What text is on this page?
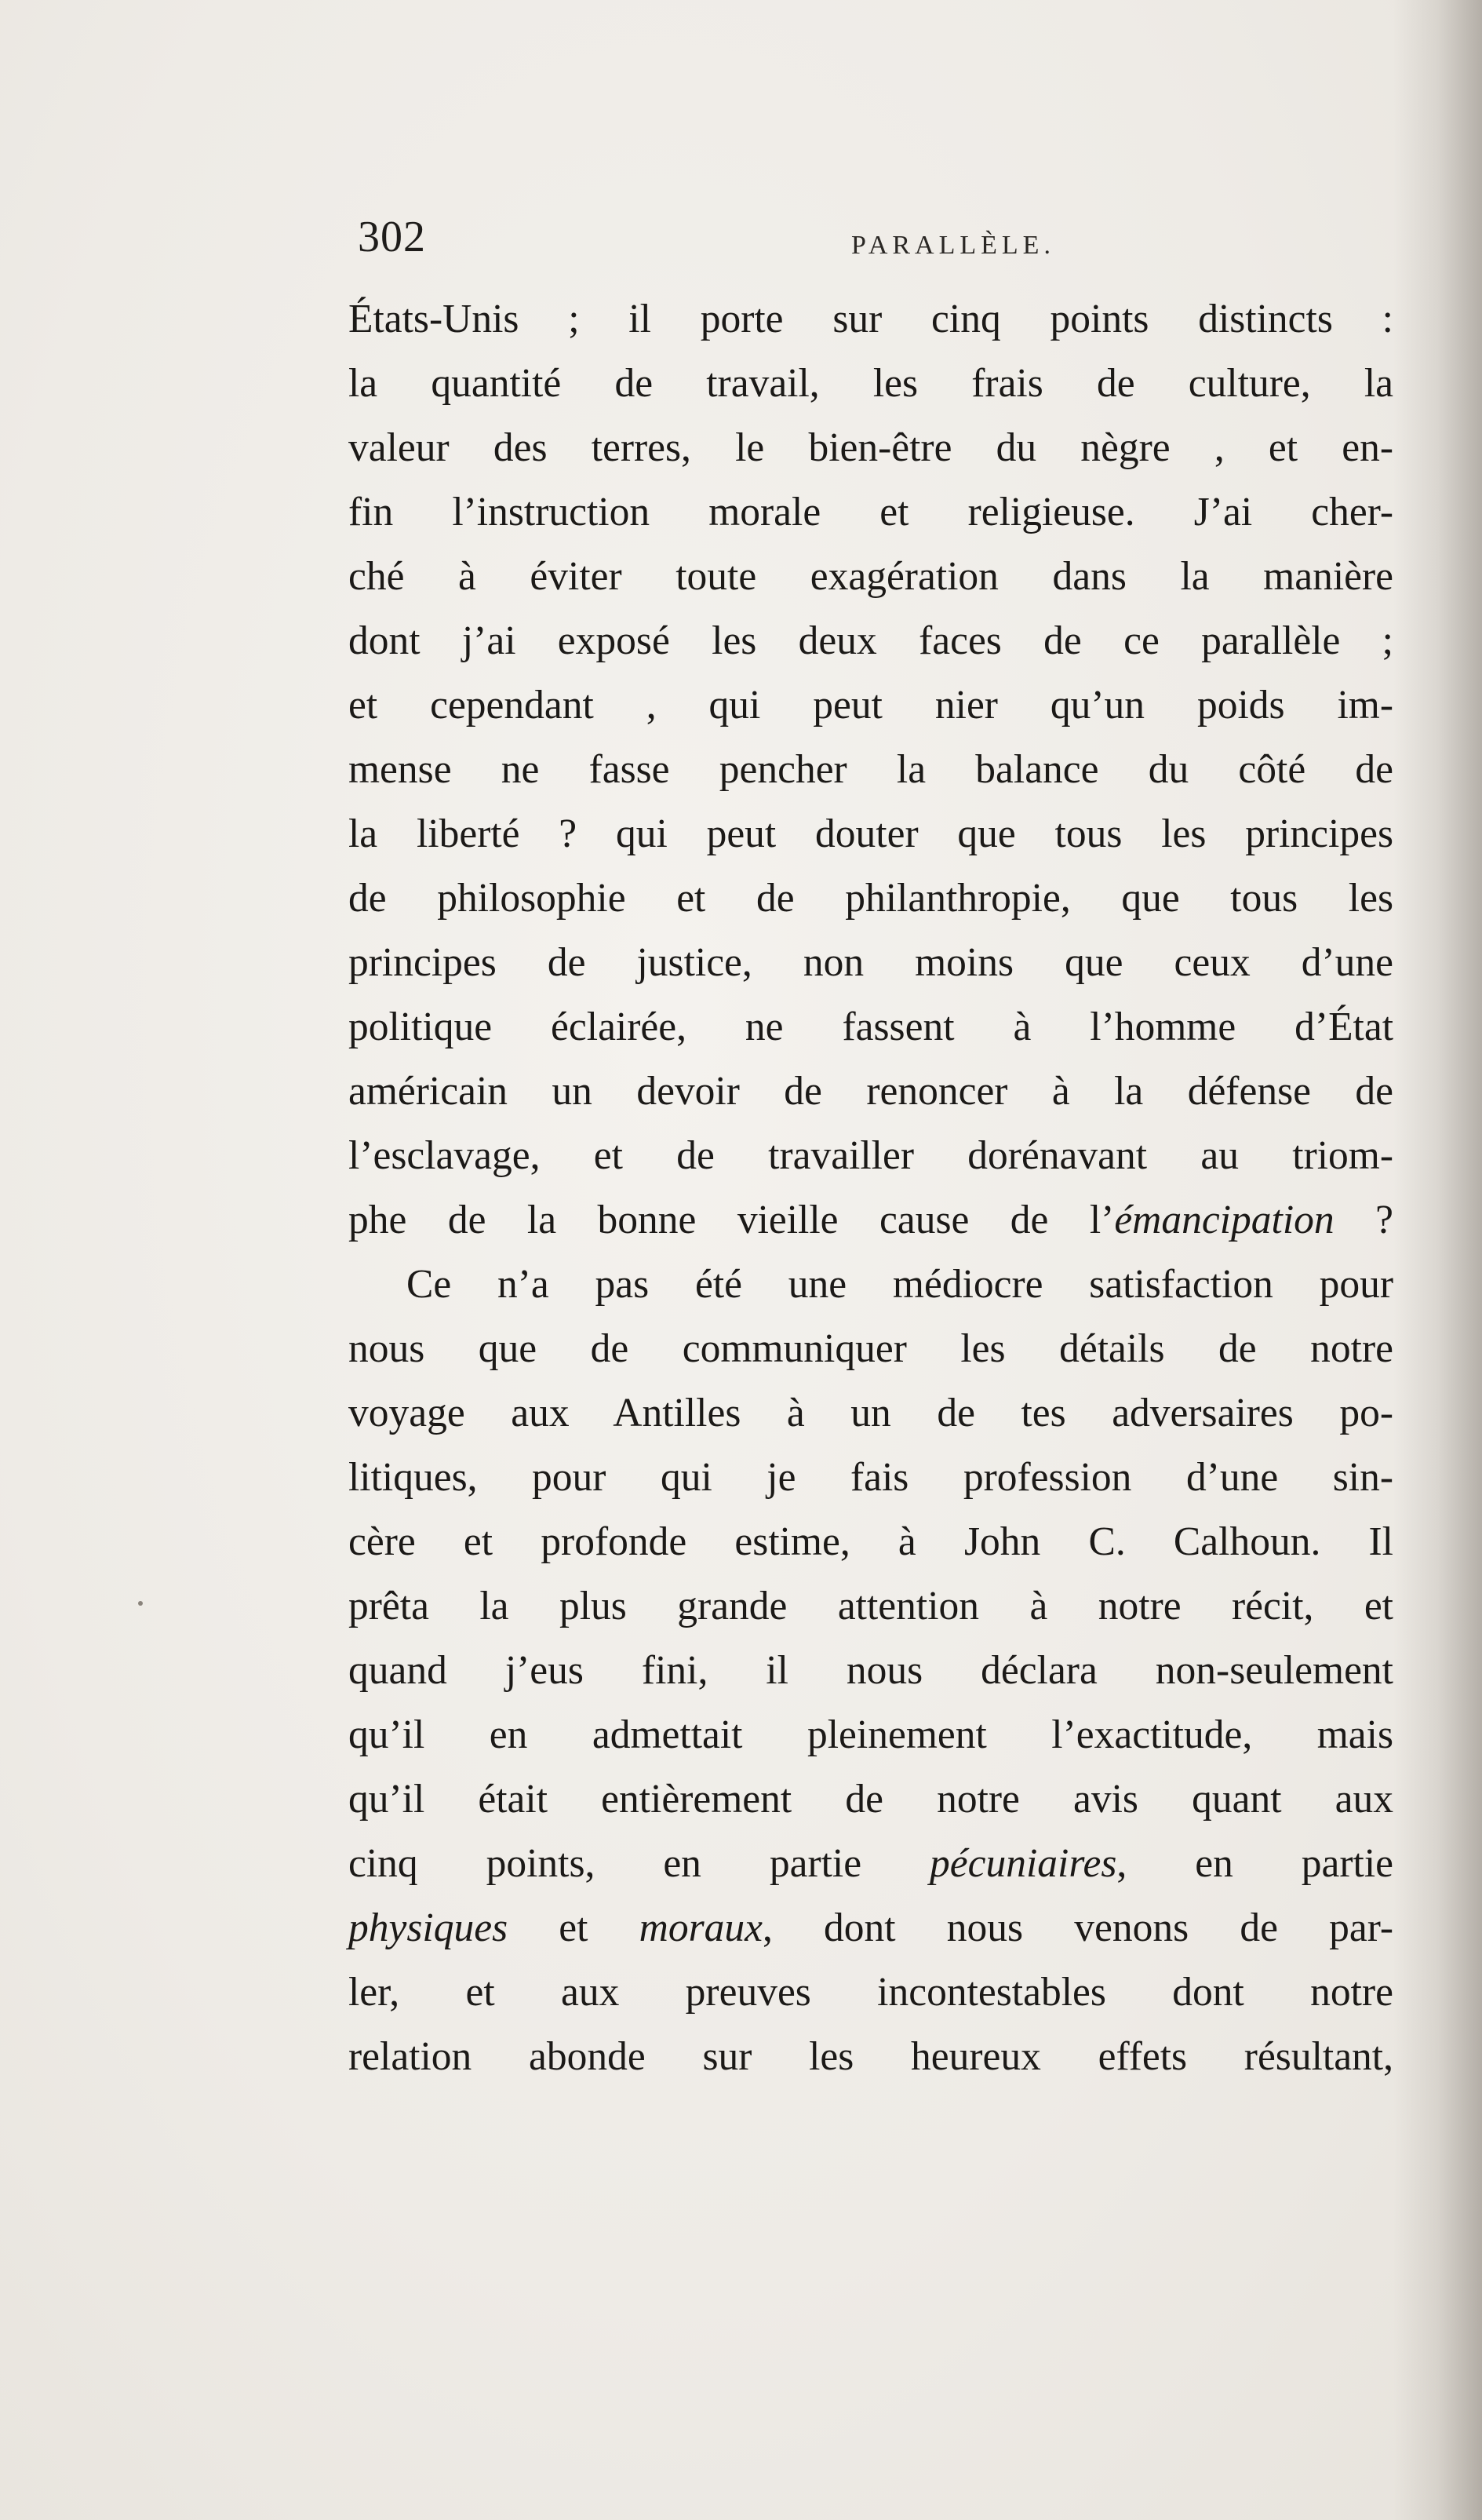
302	PARALLÈLE.
États-Unis ; il porte sur cinq points distincts :
la quantité de travail, les frais de culture, la
valeur des terres, le bien-être du nègre , et en-
fin l’instruction morale et religieuse. J’ai cher-
ché à éviter toute exagération dans la manière
dont j’ai exposé les deux faces de ce parallèle ;
et cependant , qui peut nier qu’un poids im-
mense ne fasse pencher la balance du côté de
la liberté ? qui peut douter que tous les principes
de philosophie et de philanthropie, que tous les
principes de justice, non moins que ceux d’une
politique éclairée, ne fassent à l’homme d’État
américain un devoir de renoncer à la défense de
l’esclavage, et de travailler dorénavant au triom-
phe de la bonne vieille cause de l’émancipation ?
Ce n’a pas été une médiocre satisfaction pour
nous que de communiquer les détails de notre
voyage aux Antilles à un de tes adversaires po-
litiques, pour qui je fais profession d’une sin-
cère et profonde estime, à John C. Calhoun. Il
prêta la plus grande attention à notre récit, et
quand j’eus fini, il nous déclara non-seulement
qu’il en admettait pleinement l’exactitude, mais
qu’il était entièrement de notre avis quant aux
cinq points, en partie pécuniaires, en partie
physiques et moraux, dont nous venons de par-
ler, et aux preuves incontestables dont notre
relation abonde sur les heureux effets résultant,
